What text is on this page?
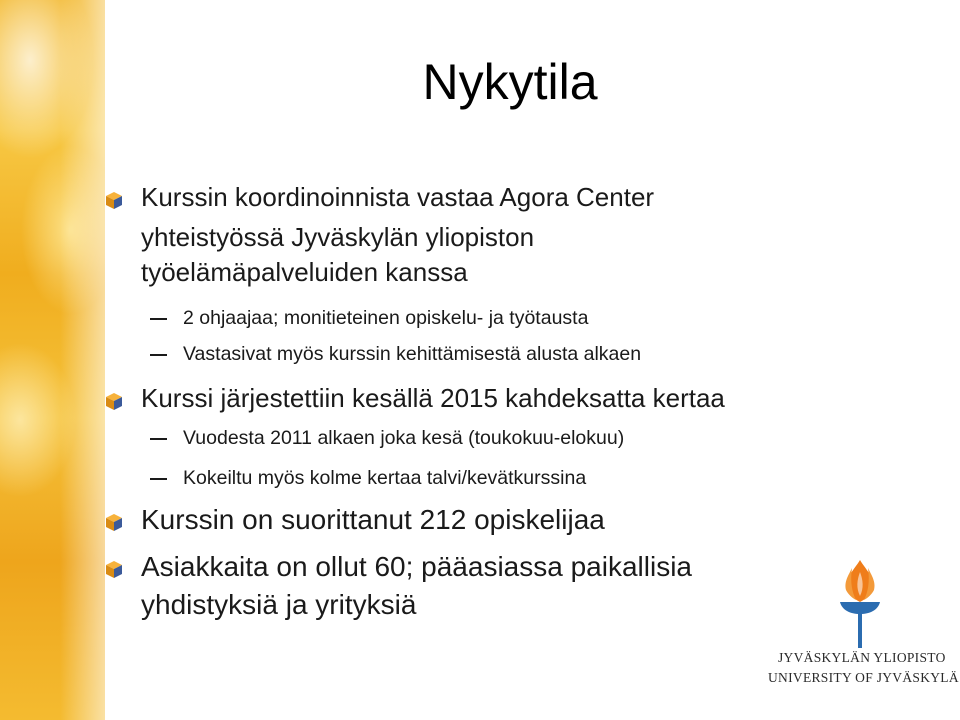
Nykytila
Kurssin koordinoinnista vastaa Agora Center
yhteistyössä Jyväskylän yliopiston
työelämäpalveluiden kanssa
2 ohjaajaa; monitieteinen opiskelu- ja työtausta
Vastasivat myös kurssin kehittämisestä alusta alkaen
Kurssi järjestettiin kesällä 2015 kahdeksatta kertaa
Vuodesta 2011 alkaen joka kesä (toukokuu-elokuu)
Kokeiltu myös kolme kertaa talvi/kevätkurssina
Kurssin on suorittanut 212 opiskelijaa
Asiakkaita on ollut 60; pääasiassa paikallisia
yhdistyksiä ja yrityksiä
JYVÄSKYLÄN YLIOPISTO
UNIVERSITY OF JYVÄSKYLÄ
